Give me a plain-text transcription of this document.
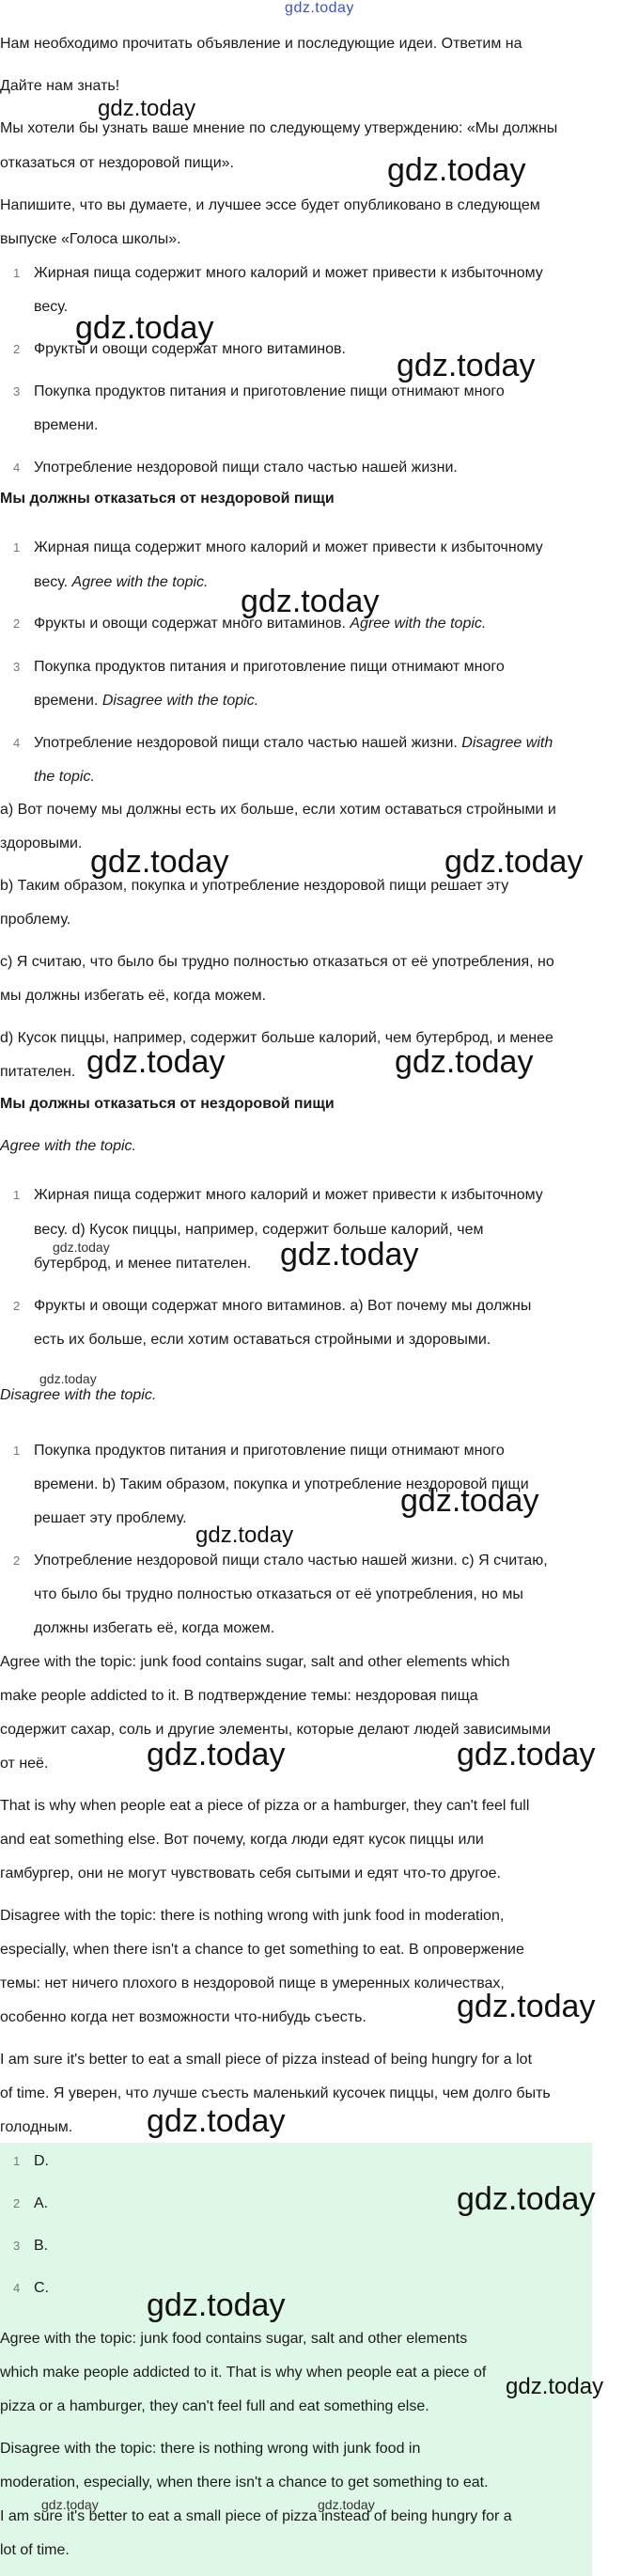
gdz.today

Нам необходимо прочитать объявление и последующие идеи. Ответим на

Дайте нам знать!

gdz.today

Мы хотели бы узнать ваше мнение по следующему утверждению: «Мы должны

отказаться от нездоровой пищи».	gdz.today

Напишите, что вы думаете, и лучшее эссе будет опубликовано в следующем

выпуске «Голоса школы».

1 Жирная пища содержит много калорий и может привести к избыточному

весу.

gdz.today
2 Фрукты и овощи содержат много витаминов. gdz.today
3 Покупка продуктов питания и приготовление пищи отнимают много

времени.

4 Употребление нездоровой пищи стало частью нашей жизни.

Мы должны отказаться от нездоровой пищи

1 Жирная пища содержит много калорий и может привести к избыточному

весу. Agree with the topic.

gdz.today
2 Фрукты и овощи содержат много витаминов. Agree with the topic.

3 Покупка продуктов питания и приготовление пищи отнимают много

времени. Disagree with the topic.

4 Употребление нездоровой пищи стало частью нашей жизни. Disagree with

the topic.

a) Вот почему мы должны есть их больше, если хотим оставаться стройными и

здоровыми.

gdz.today	gdz.today

b) Таким образом, покупка и употребление нездоровой пищи решает эту

проблему.

c) Я считаю, что было бы трудно полностью отказаться от её употребления, но

мы должны избегать её, когда можем.

d) Кусок пиццы, например, содержит больше калорий, чем бутерброд, и менее

питателен. gdz.today	gdz.today

Мы должны отказаться от нездоровой пищи

Agree with the topic.

1 Жирная пища содержит много калорий и может привести к избыточному

весу. d) Кусок пиццы, например, содержит больше калорий, чем

gdz.today

бутерброд, и менее питателен. gdz.today
2 Фрукты и овощи содержат много витаминов. a) Вот почему мы должны

есть их больше, если хотим оставаться стройными и здоровыми.

gdz.today

Disagree with the topic.

1 Покупка продуктов питания и приготовление пищи отнимают много

времени. b) Таким образом, покупка и употребление нездоровой пищи

gdz.today

решает эту проблему.

gdz.today
2 Употребление нездоровой пищи стало частью нашей жизни. c) Я считаю,

что было бы трудно полностью отказаться от её употребления, но мы

должны избегать её, когда можем.

Agree with the topic: junk food contains sugar, salt and other elements which

make people addicted to it. В подтверждение темы: нездоровая пища

содержит сахар, соль и другие элементы, которые делают людей зависимыми

от неё.	gdz.today	gdz.today

That is why when people eat a piece of pizza or a hamburger, they can't feel full

and eat something else. Вот почему, когда люди едят кусок пиццы или

гамбургер, они не могут чувствовать себя сытыми и едят что-то другое.

Disagree with the topic: there is nothing wrong with junk food in moderation,

especially, when there isn't a chance to get something to eat. В опровержение

темы: нет ничего плохого в нездоровой пище в умеренных количествах,

особенно когда нет возможности что-нибудь съесть.	gdz.today

I am sure it's better to eat a small piece of pizza instead of being hungry for a lot

of time. Я уверен, что лучше съесть маленький кусочек пиццы, чем долго быть

голодным. gdz.today
1 D.

2 A.	gdz.today
3 B.

4 C.	gdz.today

Agree with the topic: junk food contains sugar, salt and other elements

which make people addicted to it. That is why when people eat a piece of

gdz.today

pizza or a hamburger, they can't feel full and eat something else.

Disagree with the topic: there is nothing wrong with junk food in

moderation, especially, when there isn't a chance to get something to eat.

gdz.today	gdz.today

I am sure it's better to eat a small piece of pizza instead of being hungry for a

lot of time.
